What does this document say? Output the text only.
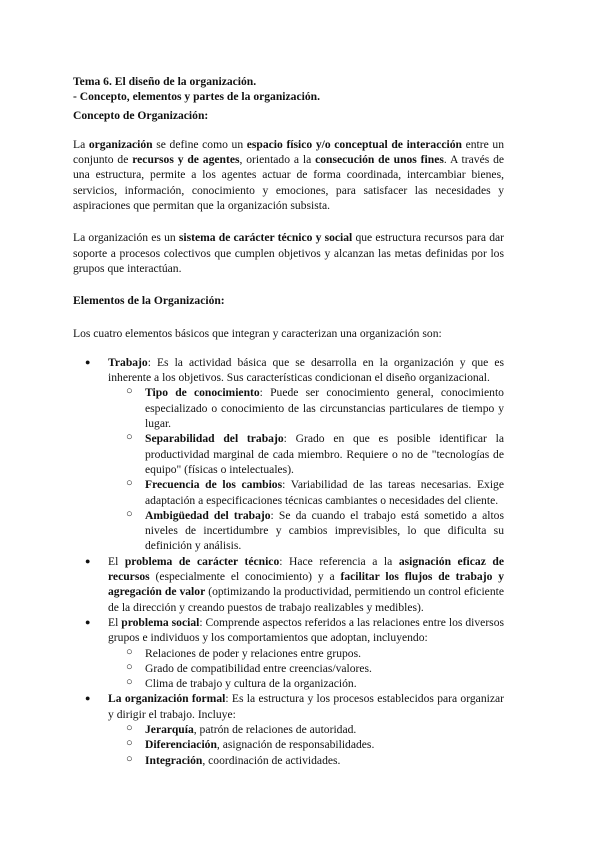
Tema 6. El diseño de la organización.

- Concepto, elementos y partes de la organización.

Concepto de Organización:

La organización se define como un espacio físico y/o conceptual de interacción entre un conjunto de recursos y de agentes, orientado a la consecución de unos fines. A través de una estructura, permite a los agentes actuar de forma coordinada, intercambiar bienes, servicios, información, conocimiento y emociones, para satisfacer las necesidades y aspiraciones que permitan que la organización subsista.

La organización es un sistema de carácter técnico y social que estructura recursos para dar soporte a procesos colectivos que cumplen objetivos y alcanzan las metas definidas por los grupos que interactúan.

Elementos de la Organización:

Los cuatro elementos básicos que integran y caracterizan una organización son:

● Trabajo: Es la actividad básica que se desarrolla en la organización y que es inherente a los objetivos. Sus características condicionan el diseño organizacional.
○ Tipo de conocimiento: Puede ser conocimiento general, conocimiento especializado o conocimiento de las circunstancias particulares de tiempo y lugar.
○ Separabilidad del trabajo: Grado en que es posible identificar la productividad marginal de cada miembro. Requiere o no de "tecnologías de equipo" (físicas o intelectuales).
○ Frecuencia de los cambios: Variabilidad de las tareas necesarias. Exige adaptación a especificaciones técnicas cambiantes o necesidades del cliente.
○ Ambigüedad del trabajo: Se da cuando el trabajo está sometido a altos niveles de incertidumbre y cambios imprevisibles, lo que dificulta su definición y análisis.
● El problema de carácter técnico: Hace referencia a la asignación eficaz de recursos (especialmente el conocimiento) y a facilitar los flujos de trabajo y agregación de valor (optimizando la productividad, permitiendo un control eficiente de la dirección y creando puestos de trabajo realizables y medibles).
● El problema social: Comprende aspectos referidos a las relaciones entre los diversos grupos e individuos y los comportamientos que adoptan, incluyendo:
○ Relaciones de poder y relaciones entre grupos.
○ Grado de compatibilidad entre creencias/valores.
○ Clima de trabajo y cultura de la organización.
● La organización formal: Es la estructura y los procesos establecidos para organizar y dirigir el trabajo. Incluye:
○ Jerarquía, patrón de relaciones de autoridad.
○ Diferenciación, asignación de responsabilidades.
○ Integración, coordinación de actividades.
